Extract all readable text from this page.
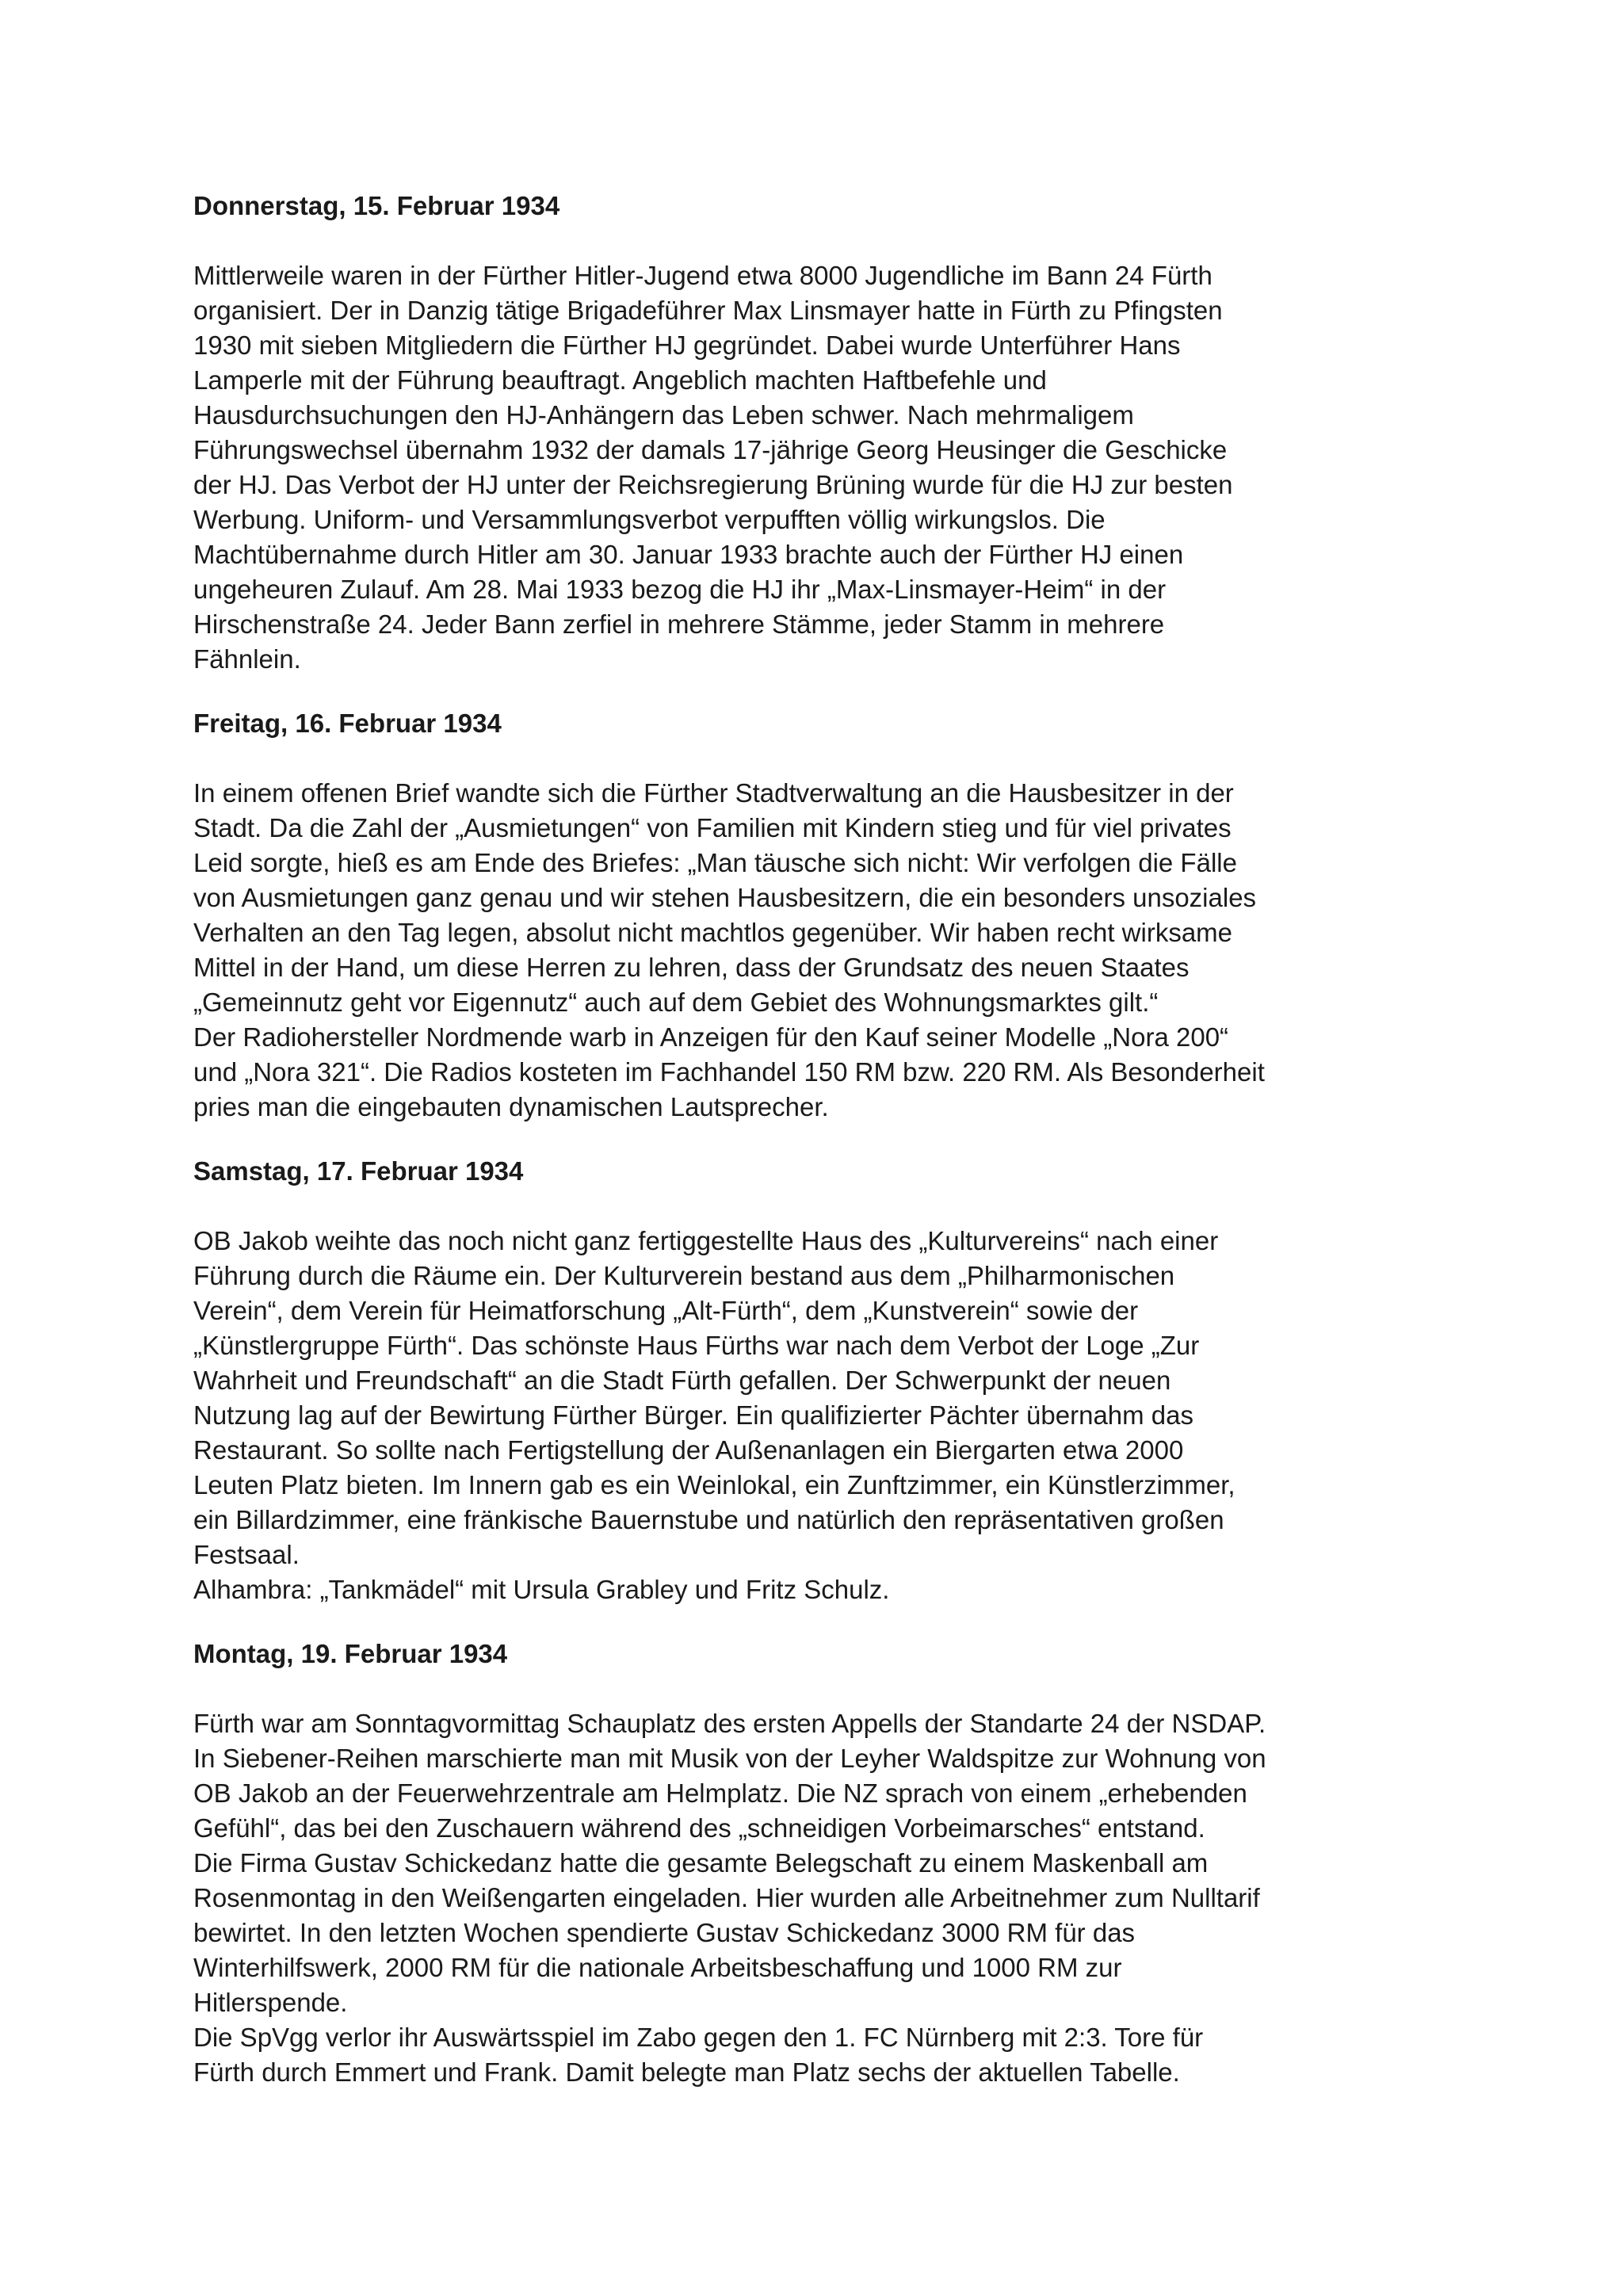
Donnerstag, 15. Februar 1934

Mittlerweile waren in der Fürther Hitler-Jugend etwa 8000 Jugendliche im Bann 24 Fürth
organisiert. Der in Danzig tätige Brigadeführer Max Linsmayer hatte in Fürth zu Pfingsten
1930 mit sieben Mitgliedern die Fürther HJ gegründet. Dabei wurde Unterführer Hans
Lamperle mit der Führung beauftragt. Angeblich machten Haftbefehle und
Hausdurchsuchungen den HJ-Anhängern das Leben schwer. Nach mehrmaligem
Führungswechsel übernahm 1932 der damals 17-jährige Georg Heusinger die Geschicke
der HJ. Das Verbot der HJ unter der Reichsregierung Brüning wurde für die HJ zur besten
Werbung. Uniform- und Versammlungsverbot verpufften völlig wirkungslos. Die
Machtübernahme durch Hitler am 30. Januar 1933 brachte auch der Fürther HJ einen
ungeheuren Zulauf. Am 28. Mai 1933 bezog die HJ ihr „Max-Linsmayer-Heim“ in der
Hirschenstraße 24. Jeder Bann zerfiel in mehrere Stämme, jeder Stamm in mehrere
Fähnlein.

Freitag, 16. Februar 1934

In einem offenen Brief wandte sich die Fürther Stadtverwaltung an die Hausbesitzer in der
Stadt. Da die Zahl der „Ausmietungen“ von Familien mit Kindern stieg und für viel privates
Leid sorgte, hieß es am Ende des Briefes: „Man täusche sich nicht: Wir verfolgen die Fälle
von Ausmietungen ganz genau und wir stehen Hausbesitzern, die ein besonders unsoziales
Verhalten an den Tag legen, absolut nicht machtlos gegenüber. Wir haben recht wirksame
Mittel in der Hand, um diese Herren zu lehren, dass der Grundsatz des neuen Staates
„Gemeinnutz geht vor Eigennutz“ auch auf dem Gebiet des Wohnungsmarktes gilt.“

Der Radiohersteller Nordmende warb in Anzeigen für den Kauf seiner Modelle „Nora 200“
und „Nora 321“. Die Radios kosteten im Fachhandel 150 RM bzw. 220 RM. Als Besonderheit
pries man die eingebauten dynamischen Lautsprecher.

Samstag, 17. Februar 1934

OB Jakob weihte das noch nicht ganz fertiggestellte Haus des „Kulturvereins“ nach einer
Führung durch die Räume ein. Der Kulturverein bestand aus dem „Philharmonischen
Verein“, dem Verein für Heimatforschung „Alt-Fürth“, dem „Kunstverein“ sowie der
„Künstlergruppe Fürth“. Das schönste Haus Fürths war nach dem Verbot der Loge „Zur
Wahrheit und Freundschaft“ an die Stadt Fürth gefallen. Der Schwerpunkt der neuen
Nutzung lag auf der Bewirtung Fürther Bürger. Ein qualifizierter Pächter übernahm das
Restaurant. So sollte nach Fertigstellung der Außenanlagen ein Biergarten etwa 2000
Leuten Platz bieten. Im Innern gab es ein Weinlokal, ein Zunftzimmer, ein Künstlerzimmer,
ein Billardzimmer, eine fränkische Bauernstube und natürlich den repräsentativen großen
Festsaal.

Alhambra: „Tankmädel“ mit Ursula Grabley und Fritz Schulz.

Montag, 19. Februar 1934

Fürth war am Sonntagvormittag Schauplatz des ersten Appells der Standarte 24 der NSDAP.
In Siebener-Reihen marschierte man mit Musik von der Leyher Waldspitze zur Wohnung von
OB Jakob an der Feuerwehrzentrale am Helmplatz. Die NZ sprach von einem „erhebenden
Gefühl“, das bei den Zuschauern während des „schneidigen Vorbeimarsches“ entstand.

Die Firma Gustav Schickedanz hatte die gesamte Belegschaft zu einem Maskenball am
Rosenmontag in den Weißengarten eingeladen. Hier wurden alle Arbeitnehmer zum Nulltarif
bewirtet. In den letzten Wochen spendierte Gustav Schickedanz 3000 RM für das
Winterhilfswerk, 2000 RM für die nationale Arbeitsbeschaffung und 1000 RM zur
Hitlerspende.

Die SpVgg verlor ihr Auswärtsspiel im Zabo gegen den 1. FC Nürnberg mit 2:3. Tore für
Fürth durch Emmert und Frank. Damit belegte man Platz sechs der aktuellen Tabelle.
